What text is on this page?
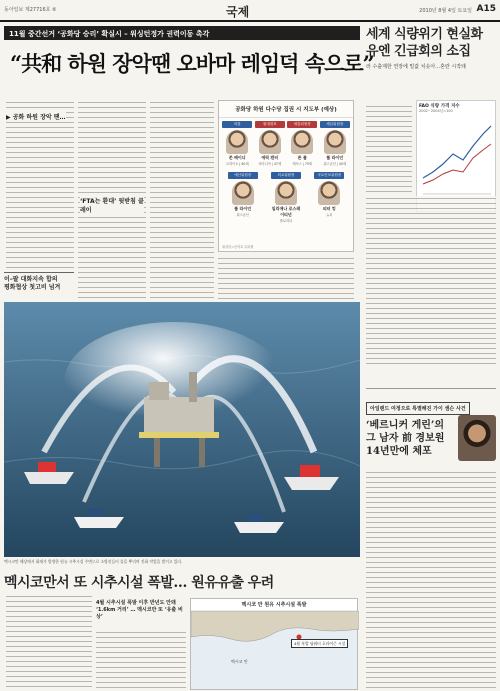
동아일보 제27716호 ⑥	국제	2010년 8월 4일 토요일 A15
11월 중간선거 ‘공화당 승리’ 확실시 – 워싱턴정가 권력이동 촉각
“共和 하원 장악땐 오바마 레임덕 속으로”
▶ 공화 하원 장악 땐…
‘FTA는 환대’ 뒷받침 클레이
이–팔 대화지속 합의
평화협상 첫고비 넘겨
공화당 하원 다수당 집권 시 지도부 (예상)
의장
존 베이너
오하이오 | 60세
원내대표
에릭 캔터
버지니아 | 47세
세출위원장
론 폴
텍사스 | 75세
세입위원장
폴 라이언
위스콘신 | 40세
예산위원장
폴 라이언
위스콘신
외교위원장
일리애나 로스레이티넌
플로리다
국토안보위원장
피터 킹
뉴욕
워싱턴=신석호 특파원
멕시코만 해상에서 화재가 발생한 원유 시추시설 주변으로 소방선들이 물을 뿌리며 진화 작업을 벌이고 있다.
멕시코만서 또 시추시설 폭발… 원유유출 우려
4월 시추시설 폭발 이후 반년도 안돼 ‘1.6km 거리’ … 멕시코만 또 ‘유출 비상’
멕시코 만 원유 시추시설 폭발
4월 폭발 딥워터 호라이즌 시설
멕시코 만
세계 식량위기 현실화 유엔 긴급회의 소집
러 수출제한 연장에 밀값 치솟아…혼란 시작돼
FAO 식량 가격 지수
2002~2004년=100
아일랜드 여정으로 특별해진 가이 샘슨 사건
‘베르니커 게린’의 그 남자 前 경보원 14년만에 체포
